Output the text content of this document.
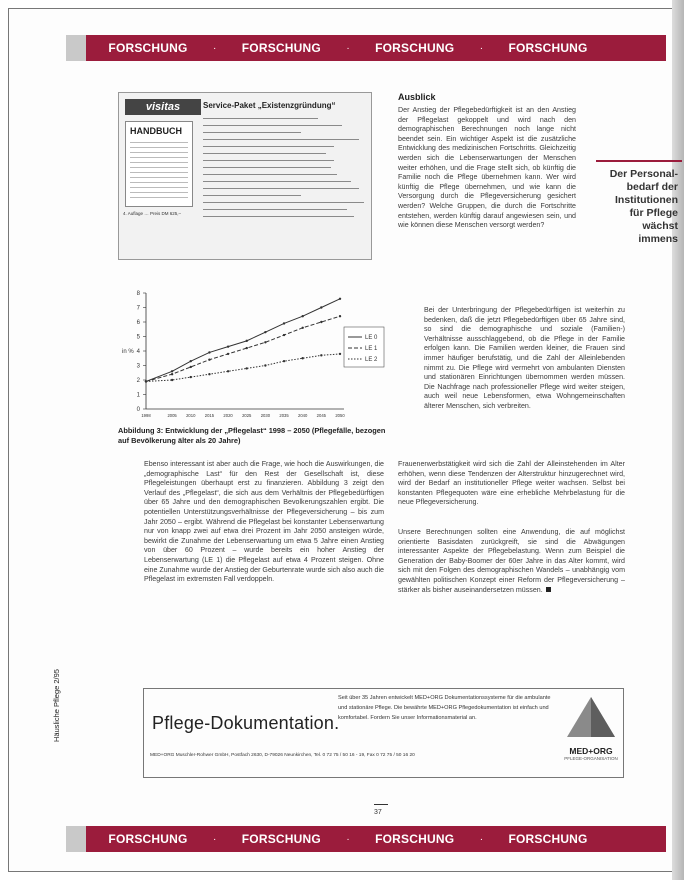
FORSCHUNG	·	FORSCHUNG	·	FORSCHUNG	·	FORSCHUNG
visitas
HANDBUCH
4. Auflage … Preis DM 625,–
Service-Paket „Existenzgründung“
0
1
2
3
4
5
6
7
8
in %
1998	2005 2010 2015 2020 2025 2030 2035 2040 2045 2050
LE 0
LE 1
LE 2
Abbildung 3: Entwicklung der „Pflegelast“ 1998 – 2050 (Pflegefälle, bezogen auf Bevölkerung älter als 20 Jahre)
Ausblick
Der Anstieg der Pflegebedürftigkeit ist an den Anstieg der Pflegelast gekoppelt und wird nach den demographischen Berechnungen noch lange nicht beendet sein. Ein wichtiger Aspekt ist die zusätzliche Entwicklung des medizinischen Fortschritts. Gleichzeitig werden sich die Lebenserwartungen der Menschen weiter erhöhen, und die Frage stellt sich, ob künftig die Familie noch die Pflege übernehmen kann. Wer wird künftig die Pflege übernehmen, und wie kann die Versorgung durch die Pflegeversicherung gesichert werden? Welche Gruppen, die durch die Fortschritte entstehen, werden künftig darauf angewiesen sein, und wie können diese Menschen versorgt werden?
Bei der Unterbringung der Pflegebedürftigen ist weiterhin zu bedenken, daß die jetzt Pflegebedürftigen über 65 Jahre sind, so sind die demographische und soziale (Familien-) Verhältnisse ausschlaggebend, ob die Pflege in der Familie erfolgen kann. Die Familien werden kleiner, die Frauen sind immer häufiger berufstätig, und die Zahl der Alleinlebenden nimmt zu. Die Pflege wird vermehrt von ambulanten Diensten und stationären Einrichtungen übernommen werden müssen. Die Nachfrage nach professioneller Pflege wird weiter steigen, auch weil neue Lebensformen, etwa Wohngemeinschaften älterer Menschen, sich verbreiten.
Frauenerwerbstätigkeit wird sich die Zahl der Alleinstehenden im Alter erhöhen, wenn diese Tendenzen der Alterstruktur hinzugerechnet wird, wird der Bedarf an institutioneller Pflege weiter wachsen. Selbst bei konstanten Pflegequoten wäre eine erhebliche Mehrbelastung für die neue Pflegeversicherung.
Unsere Berechnungen sollten eine Anwendung, die auf möglichst orientierte Basisdaten zurückgreift, sie sind die Abwägungen interessanter Aspekte der Pflegebelastung. Wenn zum Beispiel die Generation der Baby-Boomer der 60er Jahre in das Alter kommt, wird sich mit den Folgen des demographischen Wandels – unabhängig vom gewählten politischen Konzept einer Reform der Pflegeversicherung – stärker als bisher auseinandersetzen müssen.
Der Personal-
bedarf der
Institutionen
für Pflege
wächst
immens
Ebenso interessant ist aber auch die Frage, wie hoch die Auswirkungen, die „demographische Last“ für den Rest der Gesellschaft ist, diese Pflegeleistungen überhaupt erst zu finanzieren. Abbildung 3 zeigt den Verlauf des „Pflegelast“, die sich aus dem Verhältnis der Pflegebedürftigen über 65 Jahre und den demographischen Bevolkerungszahlen ergibt. Die potentiellen Unterstützungsverhältnisse der Pflegeversicherung – bis zum Jahr 2050 – ergibt. Während die Pflegelast bei konstanter Lebenserwartung nur von knapp zwei auf etwa drei Prozent im Jahr 2050 ansteigen würde, bewirkt die Zunahme der Lebenserwartung um etwa 5 Jahre einen Anstieg von über 60 Prozent – wurde bereits ein hoher Anstieg der Lebenserwartung (LE 1) die Pflegelast auf etwa 4 Prozent steigen. Ohne eine Zunahme wurde der Anstieg der Geburtenrate wurde sich also auch die Pflegelast im extremsten Fall verdoppeln.
Pflege-Dokumentation.
Seit über 35 Jahren entwickelt MED+ORG Dokumentationssysteme für die ambulante und stationäre Pflege. Die bewährte MED+ORG Pflegedokumentation ist einfach und komfortabel. Fordern Sie unser Informationsmaterial an.
MED+ORG
PFLEGE-ORGANISATION
MED+ORG Muschler-Rohwer GmbH, Postfach 2630, D-79026 Neunkirchen, Tel. 0 72 75 / 50 16 - 19, Fax 0 72 75 / 50 16 20
Häusliche Pflege 2/95
37
FORSCHUNG	·	FORSCHUNG	·	FORSCHUNG	·	FORSCHUNG
